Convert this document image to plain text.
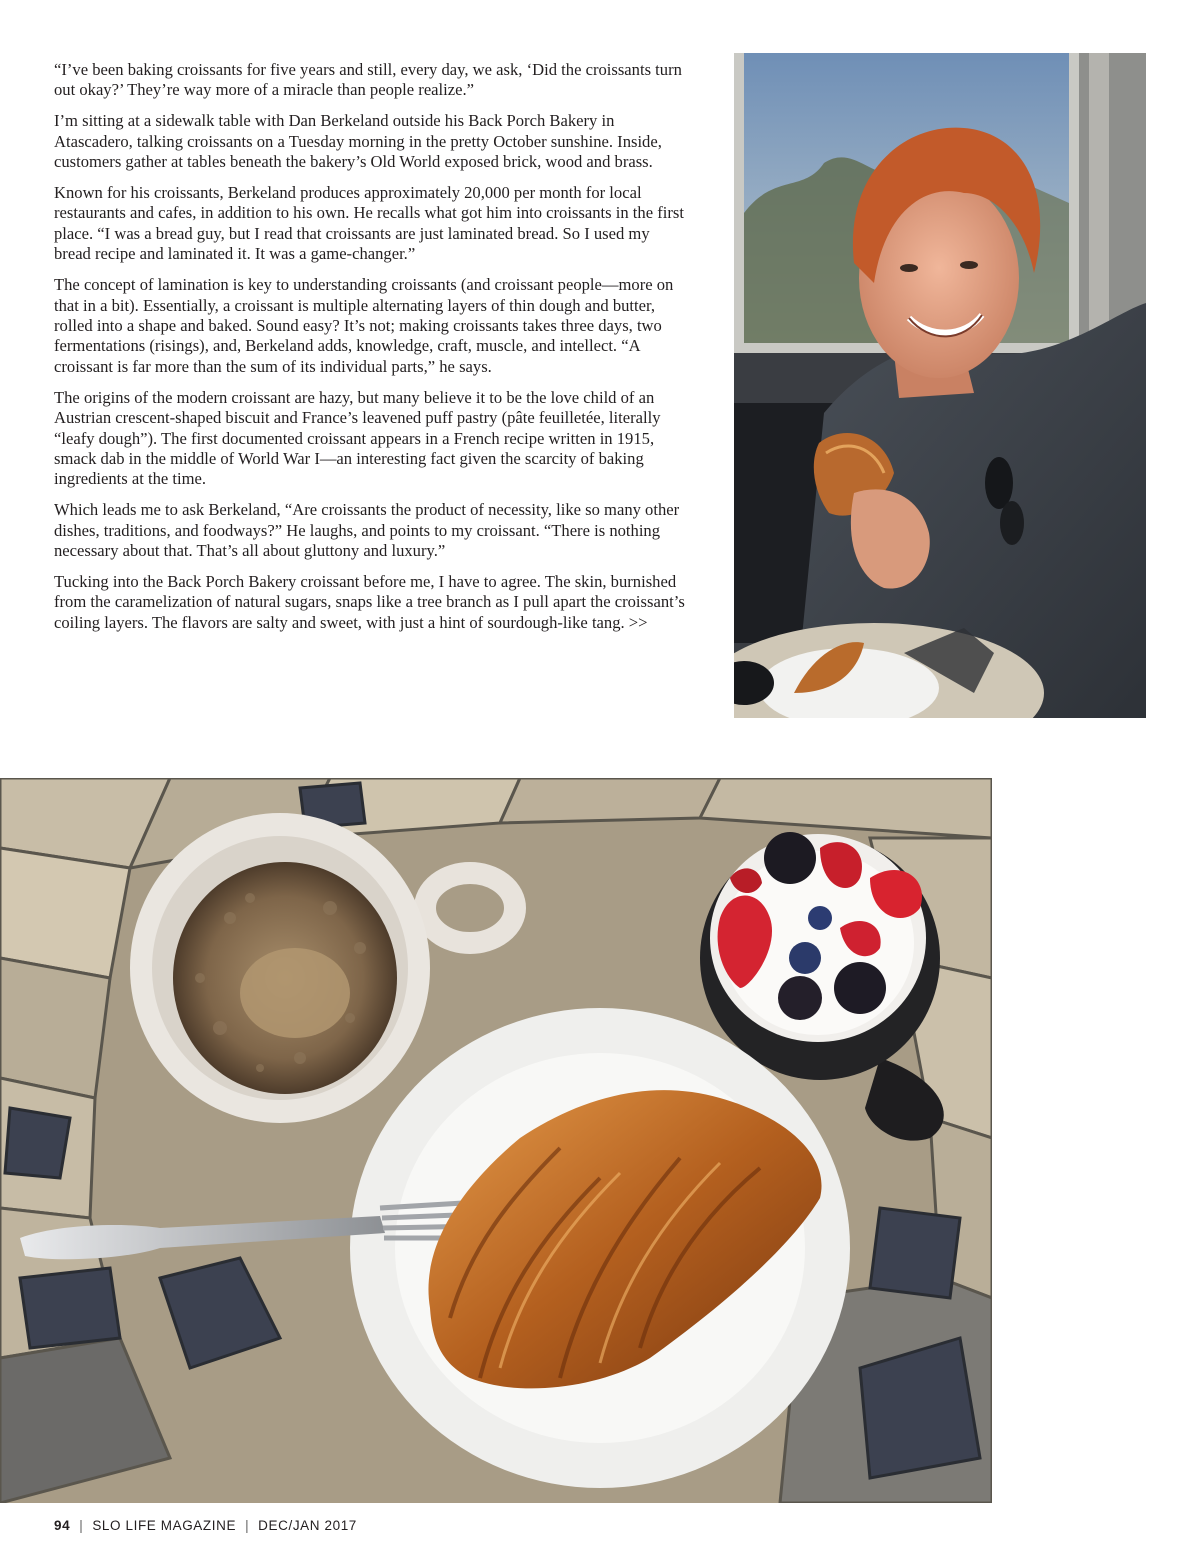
“I’ve been baking croissants for five years and still, every day, we ask, ‘Did the croissants turn out okay?’ They’re way more of a miracle than people realize.”

I’m sitting at a sidewalk table with Dan Berkeland outside his Back Porch Bakery in Atascadero, talking croissants on a Tuesday morning in the pretty October sunshine. Inside, customers gather at tables beneath the bakery’s Old World exposed brick, wood and brass.

Known for his croissants, Berkeland produces approximately 20,000 per month for local restaurants and cafes, in addition to his own. He recalls what got him into croissants in the first place. “I was a bread guy, but I read that croissants are just laminated bread. So I used my bread recipe and laminated it. It was a game-changer.”

The concept of lamination is key to understanding croissants (and croissant people—more on that in a bit). Essentially, a croissant is multiple alternating layers of thin dough and butter, rolled into a shape and baked. Sound easy? It’s not; making croissants takes three days, two fermentations (risings), and, Berkeland adds, knowledge, craft, muscle, and intellect. “A croissant is far more than the sum of its individual parts,” he says.

The origins of the modern croissant are hazy, but many believe it to be the love child of an Austrian crescent-shaped biscuit and France’s leavened puff pastry (pâte feuilletée, literally “leafy dough”). The first documented croissant appears in a French recipe written in 1915, smack dab in the middle of World War I—an interesting fact given the scarcity of baking ingredients at the time.

Which leads me to ask Berkeland, “Are croissants the product of necessity, like so many other dishes, traditions, and foodways?” He laughs, and points to my croissant. “There is nothing necessary about that. That’s all about gluttony and luxury.”

Tucking into the Back Porch Bakery croissant before me, I have to agree. The skin, burnished from the caramelization of natural sugars, snaps like a tree branch as I pull apart the croissant’s coiling layers. The flavors are salty and sweet, with just a hint of sourdough-like tang. >>

94 | SLO LIFE MAGAZINE | DEC/JAN 2017
